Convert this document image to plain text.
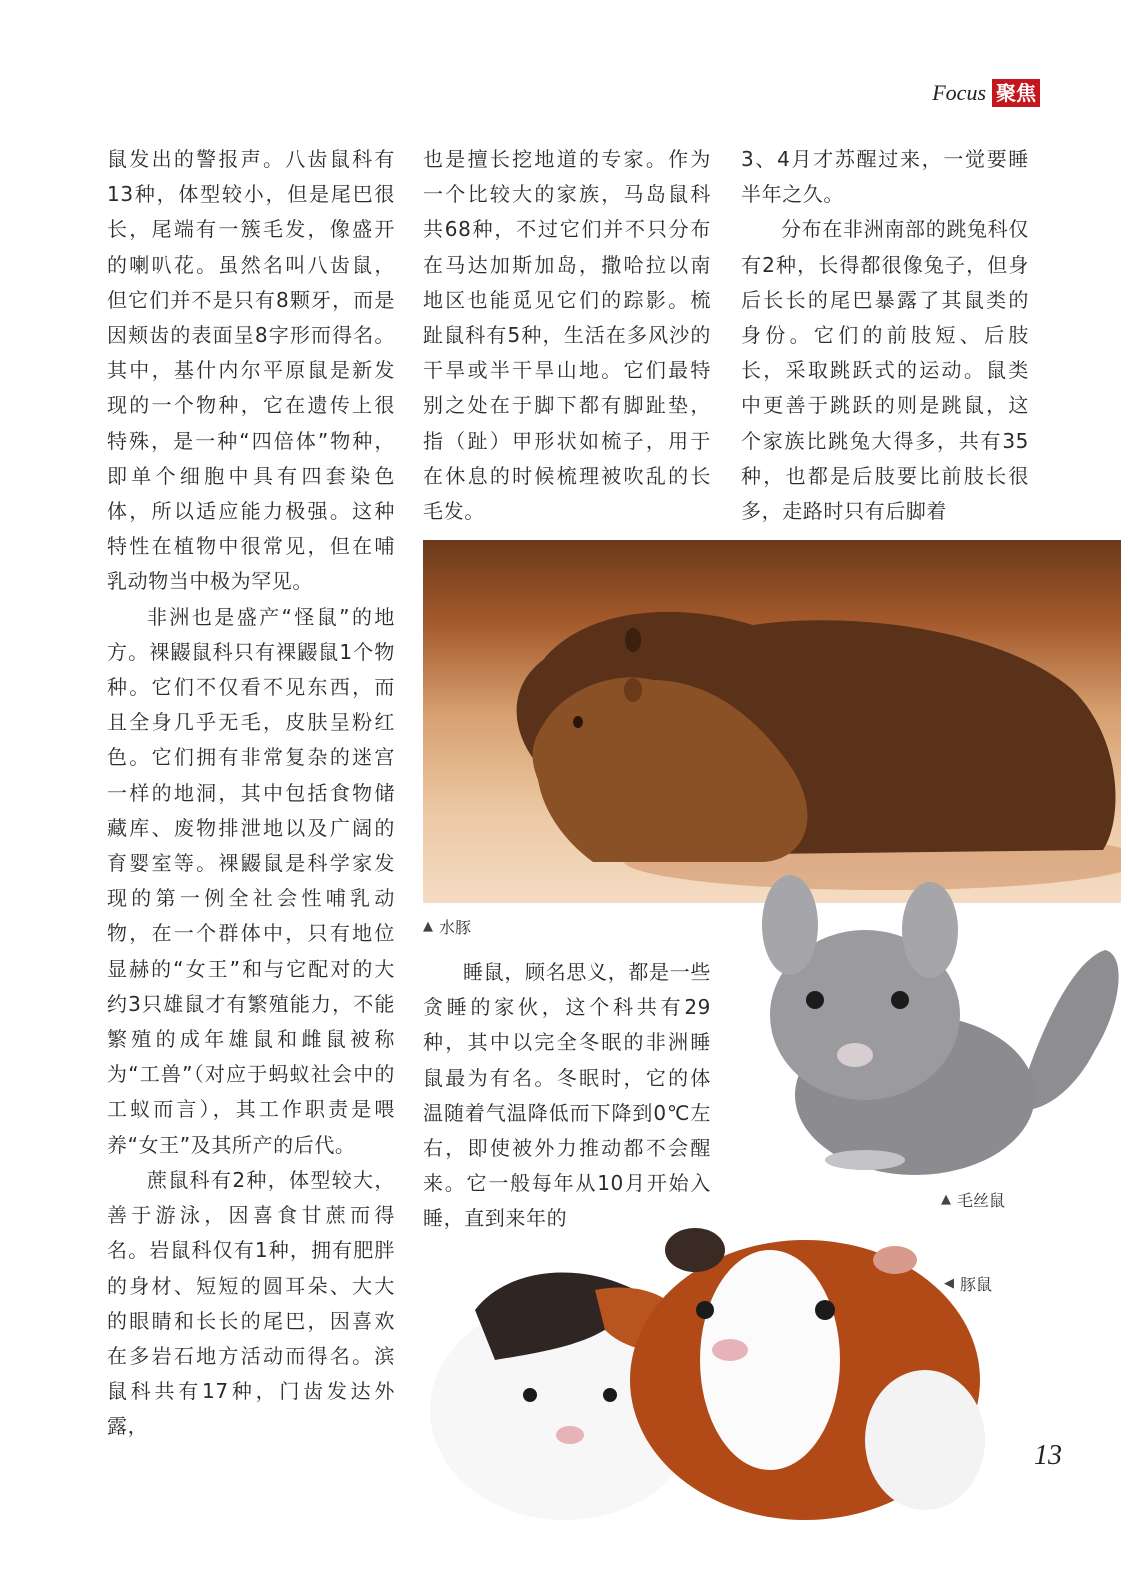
Focus 聚焦

鼠发出的警报声。八齿鼠科有13种，体型较小，但是尾巴很长，尾端有一簇毛发，像盛开的喇叭花。虽然名叫八齿鼠，但它们并不是只有8颗牙，而是因颊齿的表面呈8字形而得名。其中，基什内尔平原鼠是新发现的一个物种，它在遗传上很特殊，是一种“四倍体”物种，即单个细胞中具有四套染色体，所以适应能力极强。这种特性在植物中很常见，但在哺乳动物当中极为罕见。

非洲也是盛产“怪鼠”的地方。裸鼹鼠科只有裸鼹鼠1个物种。它们不仅看不见东西，而且全身几乎无毛，皮肤呈粉红色。它们拥有非常复杂的迷宫一样的地洞，其中包括食物储藏库、废物排泄地以及广阔的育婴室等。裸鼹鼠是科学家发现的第一例全社会性哺乳动物，在一个群体中，只有地位显赫的“女王”和与它配对的大约3只雄鼠才有繁殖能力，不能繁殖的成年雄鼠和雌鼠被称为“工兽”（对应于蚂蚁社会中的工蚁而言），其工作职责是喂养“女王”及其所产的后代。

蔗鼠科有2种，体型较大，善于游泳，因喜食甘蔗而得名。岩鼠科仅有1种，拥有肥胖的身材、短短的圆耳朵、大大的眼睛和长长的尾巴，因喜欢在多岩石地方活动而得名。滨鼠科共有17种，门齿发达外露，

也是擅长挖地道的专家。作为一个比较大的家族，马岛鼠科共68种，不过它们并不只分布在马达加斯加岛，撒哈拉以南地区也能觅见它们的踪影。梳趾鼠科有5种，生活在多风沙的干旱或半干旱山地。它们最特别之处在于脚下都有脚趾垫，指（趾）甲形状如梳子，用于在休息的时候梳理被吹乱的长毛发。

睡鼠，顾名思义，都是一些贪睡的家伙，这个科共有29种，其中以完全冬眠的非洲睡鼠最为有名。冬眠时，它的体温随着气温降低而下降到0℃左右，即使被外力推动都不会醒来。它一般每年从10月开始入睡，直到来年的

3、4月才苏醒过来，一觉要睡半年之久。

分布在非洲南部的跳兔科仅有2种，长得都很像兔子，但身后长长的尾巴暴露了其鼠类的身份。它们的前肢短、后肢长，采取跳跃式的运动。鼠类中更善于跳跃的则是跳鼠，这个家族比跳兔大得多，共有35种，也都是后肢要比前肢长很多，走路时只有后脚着

▲ 水豚
▲ 毛丝鼠
◀ 豚鼠
13
